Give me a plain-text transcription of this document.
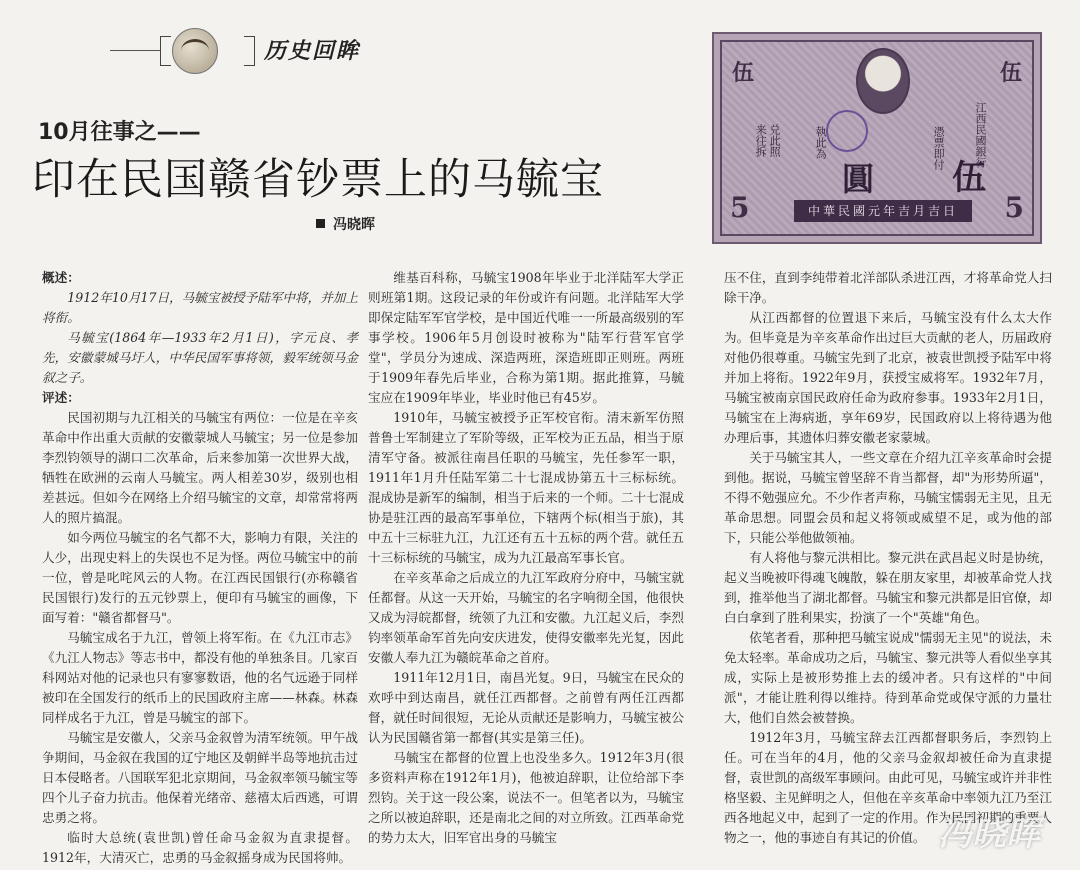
历史回眸
10月往事之——
印在民国赣省钞票上的马毓宝
冯晓晖
伍	伍
来往拆 兑此照	執此為
圓
憑票即付
伍
江西民國銀行
5	5
中華民國元年吉月吉日

概述：

1912年10月17日，马毓宝被授予陆军中将，并加上将衔。

马毓宝(1864年—1933年2月1日)，字元良、孝先，安徽蒙城马圩人，中华民国军事将领，毅军统领马金叙之子。

评述：

民国初期与九江相关的马毓宝有两位：一位是在辛亥革命中作出重大贡献的安徽蒙城人马毓宝；另一位是参加李烈钧领导的湖口二次革命，后来参加第一次世界大战，牺牲在欧洲的云南人马毓宝。两人相差30岁，级别也相差甚远。但如今在网络上介绍马毓宝的文章，却常常将两人的照片搞混。

如今两位马毓宝的名气都不大，影响力有限，关注的人少，出现史料上的失误也不足为怪。两位马毓宝中的前一位，曾是叱咤风云的人物。在江西民国银行(亦称赣省民国银行)发行的五元钞票上，便印有马毓宝的画像，下面写着："赣省都督马"。

马毓宝成名于九江，曾领上将军衔。在《九江市志》《九江人物志》等志书中，都没有他的单独条目。几家百科网站对他的记录也只有寥寥数语，他的名气远逊于同样被印在全国发行的纸币上的民国政府主席——林森。林森同样成名于九江，曾是马毓宝的部下。

马毓宝是安徽人，父亲马金叙曾为清军统领。甲午战争期间，马金叙在我国的辽宁地区及朝鲜半岛等地抗击过日本侵略者。八国联军犯北京期间，马金叙率领马毓宝等四个儿子奋力抗击。他保着光绪帝、慈禧太后西逃，可谓忠勇之将。

临时大总统(袁世凯)曾任命马金叙为直隶提督。1912年，大清灭亡，忠勇的马金叙摇身成为民国将帅。

维基百科称，马毓宝1908年毕业于北洋陆军大学正则班第1期。这段记录的年份或许有问题。北洋陆军大学即保定陆军军官学校，是中国近代唯一一所最高级别的军事学校。1906年5月创设时被称为"陆军行营军官学堂"，学员分为速成、深造两班，深造班即正则班。两班于1909年春先后毕业，合称为第1期。据此推算，马毓宝应在1909年毕业，毕业时他已有45岁。

1910年，马毓宝被授予正军校官衔。清末新军仿照普鲁士军制建立了军阶等级，正军校为正五品，相当于原清军守备。被派往南昌任职的马毓宝，先任参军一职，1911年1月升任陆军第二十七混成协第五十三标标统。混成协是新军的编制，相当于后来的一个师。二十七混成协是驻江西的最高军事单位，下辖两个标(相当于旅)，其中五十三标驻九江，九江还有五十五标的两个营。就任五十三标标统的马毓宝，成为九江最高军事长官。

在辛亥革命之后成立的九江军政府分府中，马毓宝就任都督。从这一天开始，马毓宝的名字响彻全国，他很快又成为浔皖都督，统领了九江和安徽。九江起义后，李烈钧率领革命军首先向安庆进发，使得安徽率先光复，因此安徽人奉九江为赣皖革命之首府。

1911年12月1日，南昌光复。9日，马毓宝在民众的欢呼中到达南昌，就任江西都督。之前曾有两任江西都督，就任时间很短，无论从贡献还是影响力，马毓宝被公认为民国赣省第一都督(其实是第三任)。

马毓宝在都督的位置上也没坐多久。1912年3月(很多资料声称在1912年1月)，他被迫辞职，让位给部下李烈钧。关于这一段公案，说法不一。但笔者以为，马毓宝之所以被迫辞职，还是南北之间的对立所致。江西革命党的势力太大，旧军官出身的马毓宝

压不住，直到李纯带着北洋部队杀进江西，才将革命党人扫除干净。

从江西都督的位置退下来后，马毓宝没有什么太大作为。但毕竟是为辛亥革命作出过巨大贡献的老人，历届政府对他仍很尊重。马毓宝先到了北京，被袁世凯授予陆军中将并加上将衔。1922年9月，获授宝威将军。1932年7月，马毓宝被南京国民政府任命为政府参事。1933年2月1日，马毓宝在上海病逝，享年69岁，民国政府以上将待遇为他办理后事，其遗体归葬安徽老家蒙城。

关于马毓宝其人，一些文章在介绍九江辛亥革命时会提到他。据说，马毓宝曾坚辞不肯当都督，却"为形势所逼"，不得不勉强应允。不少作者声称，马毓宝懦弱无主见，且无革命思想。同盟会员和起义将领或威望不足，或为他的部下，只能公举他做领袖。

有人将他与黎元洪相比。黎元洪在武昌起义时是协统，起义当晚被吓得魂飞魄散，躲在朋友家里，却被革命党人找到，推举他当了湖北都督。马毓宝和黎元洪都是旧官僚，却白白拿到了胜利果实，扮演了一个"英雄"角色。

依笔者看，那种把马毓宝说成"懦弱无主见"的说法，未免太轻率。革命成功之后，马毓宝、黎元洪等人看似坐享其成，实际上是被形势推上去的缓冲者。只有这样的"中间派"，才能让胜利得以维持。待到革命党或保守派的力量壮大，他们自然会被替换。

1912年3月，马毓宝辞去江西都督职务后，李烈钧上任。可在当年的4月，他的父亲马金叙却被任命为直隶提督，袁世凯的高级军事顾问。由此可见，马毓宝或许并非性格坚毅、主见鲜明之人，但他在辛亥革命中率领九江乃至江西各地起义中，起到了一定的作用。作为民国初期的重要人物之一，他的事迹自有其记的价值。 冯晓晖
